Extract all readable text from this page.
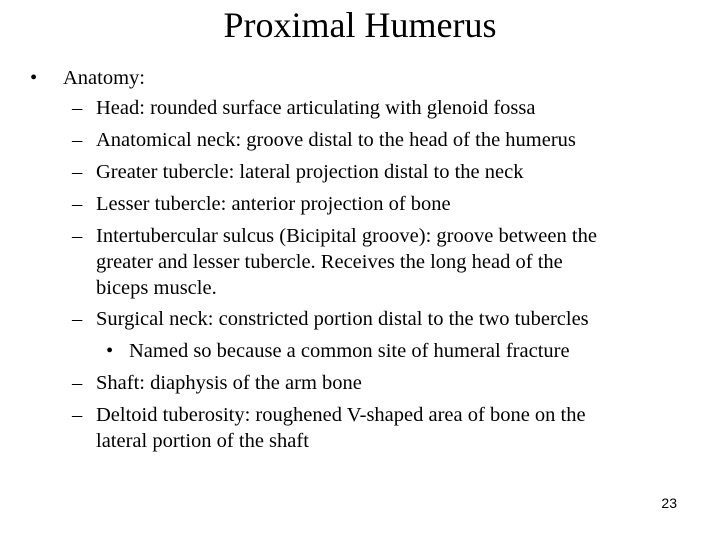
Proximal Humerus
• Anatomy:
– Head: rounded surface articulating with glenoid fossa
– Anatomical neck: groove distal to the head of the humerus
– Greater tubercle: lateral projection distal to the neck
– Lesser tubercle: anterior projection of bone
– Intertubercular sulcus (Bicipital groove): groove between the
greater and lesser tubercle. Receives the long head of the
biceps muscle.
– Surgical neck: constricted portion distal to the two tubercles
• Named so because a common site of humeral fracture
– Shaft: diaphysis of the arm bone
– Deltoid tuberosity: roughened V-shaped area of bone on the
lateral portion of the shaft
23
